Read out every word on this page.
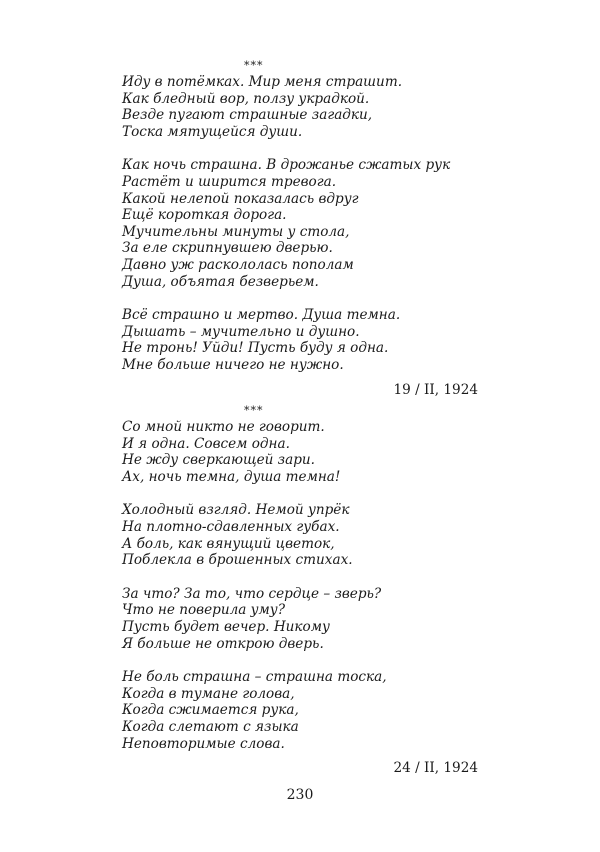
***
Иду в потёмках. Мир меня страшит.
Как бледный вор, ползу украдкой.
Везде пугают страшные загадки,
Тоска мятущейся души.
Как ночь страшна. В дрожанье сжатых рук
Растёт и ширится тревога.
Какой нелепой показалась вдруг
Ещё короткая дорога.
Мучительны минуты у стола,
За еле скрипнувшею дверью.
Давно уж раскололась пополам
Душа, объятая безверьем.
Всё страшно и мертво. Душа темна.
Дышать – мучительно и душно.
Не тронь! Уйди! Пусть буду я одна.
Мне больше ничего не нужно.
19 / II, 1924
***
Со мной никто не говорит.
И я одна. Совсем одна.
Не жду сверкающей зари.
Ах, ночь темна, душа темна!
Холодный взгляд. Немой упрёк
На плотно-сдавленных губах.
А боль, как вянущий цветок,
Поблекла в брошенных стихах.
За что? За то, что сердце – зверь?
Что не поверила уму?
Пусть будет вечер. Никому
Я больше не открою дверь.
Не боль страшна – страшна тоска,
Когда в тумане голова,
Когда сжимается рука,
Когда слетают с языка
Неповторимые слова.
24 / II, 1924
230
